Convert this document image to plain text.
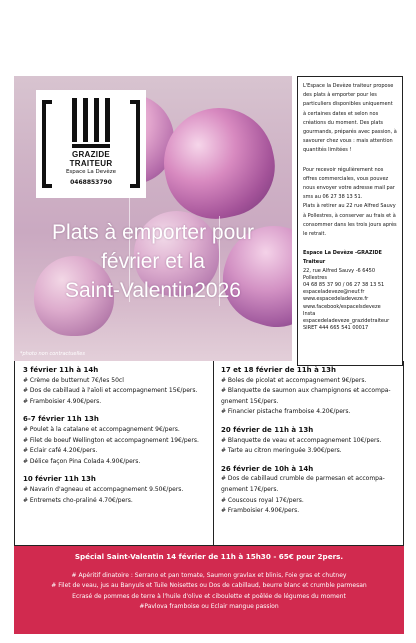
GRAZIDE
TRAITEUR
Espace La Devèze
0468853790
Plats à emporter pour
février et la
Saint-Valentin2026
*photo non contractuelles

L'Espace la Devèze traiteur propose des plats à emporter pour les particuliers disponibles uniquement à certaines dates et selon nos créations du moment. Des plats gourmands, préparés avec passion, à savourer chez vous : mais attention quantités limitées !

Pour recevoir régulièrement nos offres commerciales, vous pouvez nous envoyer votre adresse mail par sms au 06 27 38 13 51.

Plats à retirer au 22 rue Alfred Sauvy à Pollestres, à conserver au frais et à consommer dans les trois jours après le retrait.

Espace La Devèze -GRAZIDE Traiteur
22, rue Alfred Sauvy -6 6450 Pollestres
04 68 85 37 90 / 06 27 38 13 51
espaceladeveze@neuf.fr
www.espacedeladeveze.fr
www.facebook/espacelsdeveze
Insta espacedeladeveze_grazidetraiteur
SIRET 444 665 541 00017
3 février 11h à 14h
# Crème de butternut 7€/les 50cl
# Dos de cabillaud à l'aïoli et accompagnement 15€/pers.
# Framboisier 4.90€/pers.
6-7 février 11h 13h
# Poulet à la catalane et accompagnement 9€/pers.
# Filet de boeuf Wellington et accompagnement 19€/pers.
# Eclair café 4.20€/pers.
# Délice façon Pina Colada 4.90€/pers.
10 février 11h 13h
# Navarin d'agneau et accompagnement 9.50€/pers.
# Entremets cho-praliné 4.70€/pers.
17 et 18 février de 11h à 13h
# Boles de picolat et accompagnement 9€/pers.
# Blanquette de saumon aux champignons et accompa-gnement 15€/pers.
# Financier pistache framboise 4.20€/pers.
20 février de 11h à 13h
# Blanquette de veau et accompagnement 10€/pers.
# Tarte au citron meringuée 3.90€/pers.
26 février de 10h à 14h
# Dos de cabillaud crumble de parmesan et accompa-gnement 17€/pers.
# Couscous royal 17€/pers.
# Framboisier 4.90€/pers.
Spécial Saint-Valentin 14 février de 11h à 15h30 - 65€ pour 2pers.
# Apéritif dinatoire : Serrano et pan tomate, Saumon gravlax et blinis, Foie gras et chutney
# Filet de veau, jus au Banyuls et Tuile Noisettes ou Dos de cabillaud, beurre blanc et crumble parmesan
Ecrasé de pommes de terre à l'huile d'olive et ciboulette et poêlée de légumes du moment
#Pavlova framboise ou Eclair mangue passion
